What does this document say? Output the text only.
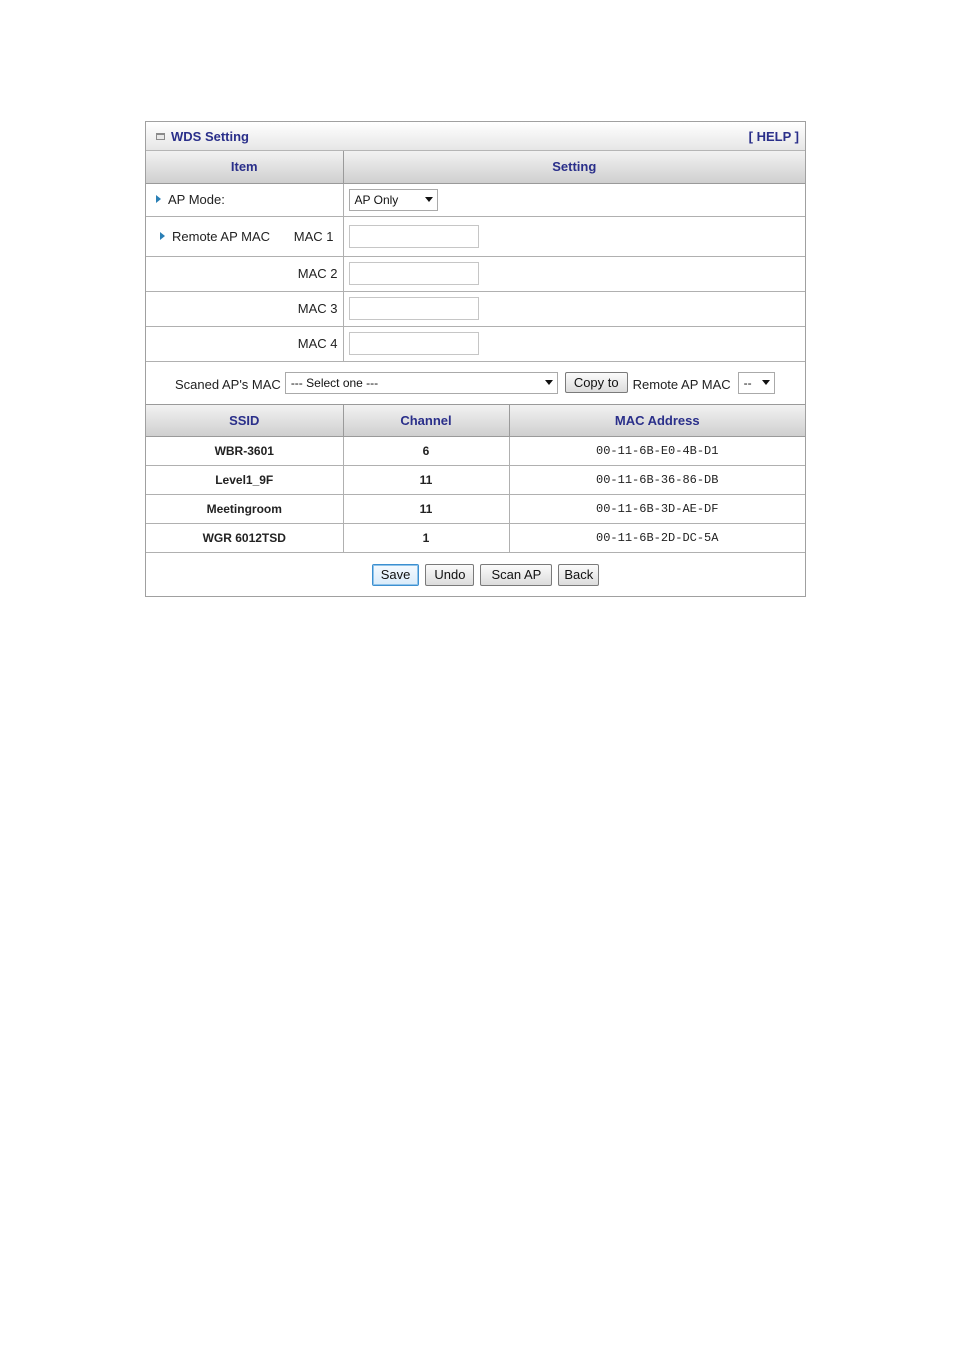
WDS Setting	[ HELP ]
Item	Setting
AP Mode:	AP Only

Remote AP MAC MAC 1

MAC 2	
MAC 3	
MAC 4	
Scaned AP's MAC --- Select one ---	Copy to	Remote AP MAC --
SSID	Channel	MAC Address
WBR-3601	6	00-11-6B-E0-4B-D1
Level1_9F	11	00-11-6B-36-86-DB
Meetingroom	11	00-11-6B-3D-AE-DF
WGR 6012TSD	1	00-11-6B-2D-DC-5A
Save	Undo	Scan AP	Back
